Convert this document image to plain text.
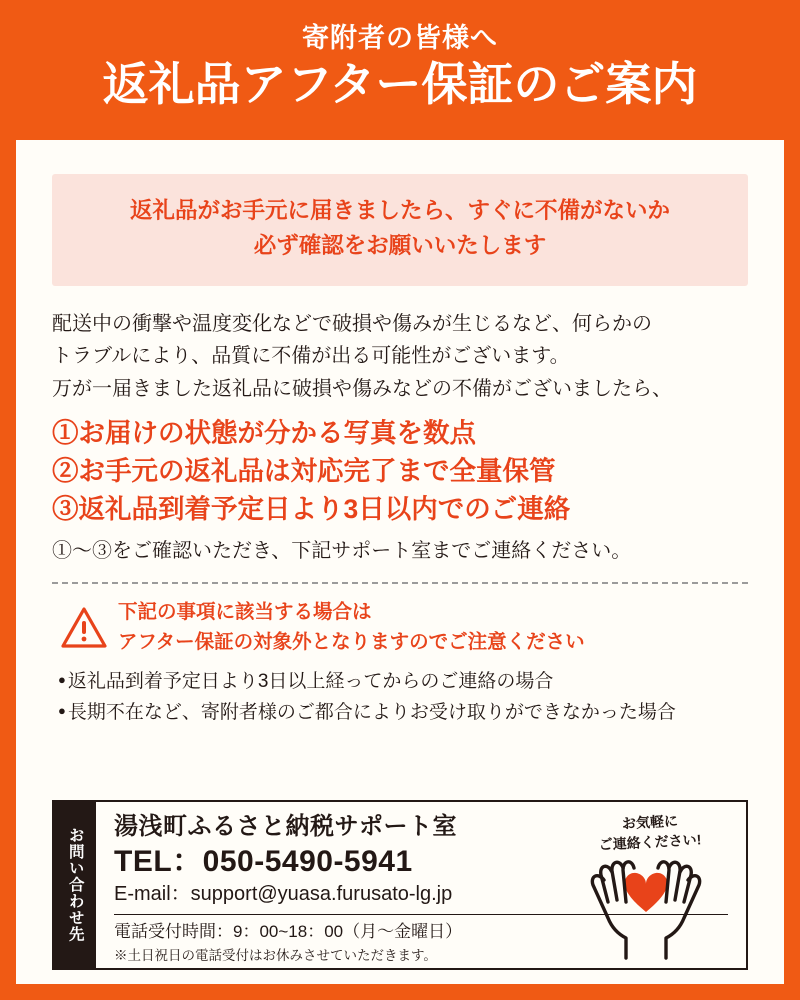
寄附者の皆様へ
返礼品アフター保証のご案内
返礼品がお手元に届きましたら、すぐに不備がないか
必ず確認をお願いいたします
配送中の衝撃や温度変化などで破損や傷みが生じるなど、何らかの
トラブルにより、品質に不備が出る可能性がございます。
万が一届きました返礼品に破損や傷みなどの不備がございましたら、
①お届けの状態が分かる写真を数点
②お手元の返礼品は対応完了まで全量保管
③返礼品到着予定日より3日以内でのご連絡
①～③をご確認いただき、下記サポート室までご連絡ください。
下記の事項に該当する場合は
アフター保証の対象外となりますのでご注意ください
● 返礼品到着予定日より3日以上経ってからのご連絡の場合
● 長期不在など、寄附者様のご都合によりお受け取りができなかった場合
お問い合わせ先
湯浅町ふるさと納税サポート室
TEL：050-5490-5941
E-mail：support@yuasa.furusato-lg.jp
電話受付時間：9：00~18：00（月～金曜日）
※土日祝日の電話受付はお休みさせていただきます。
お気軽に
ご連絡ください!
